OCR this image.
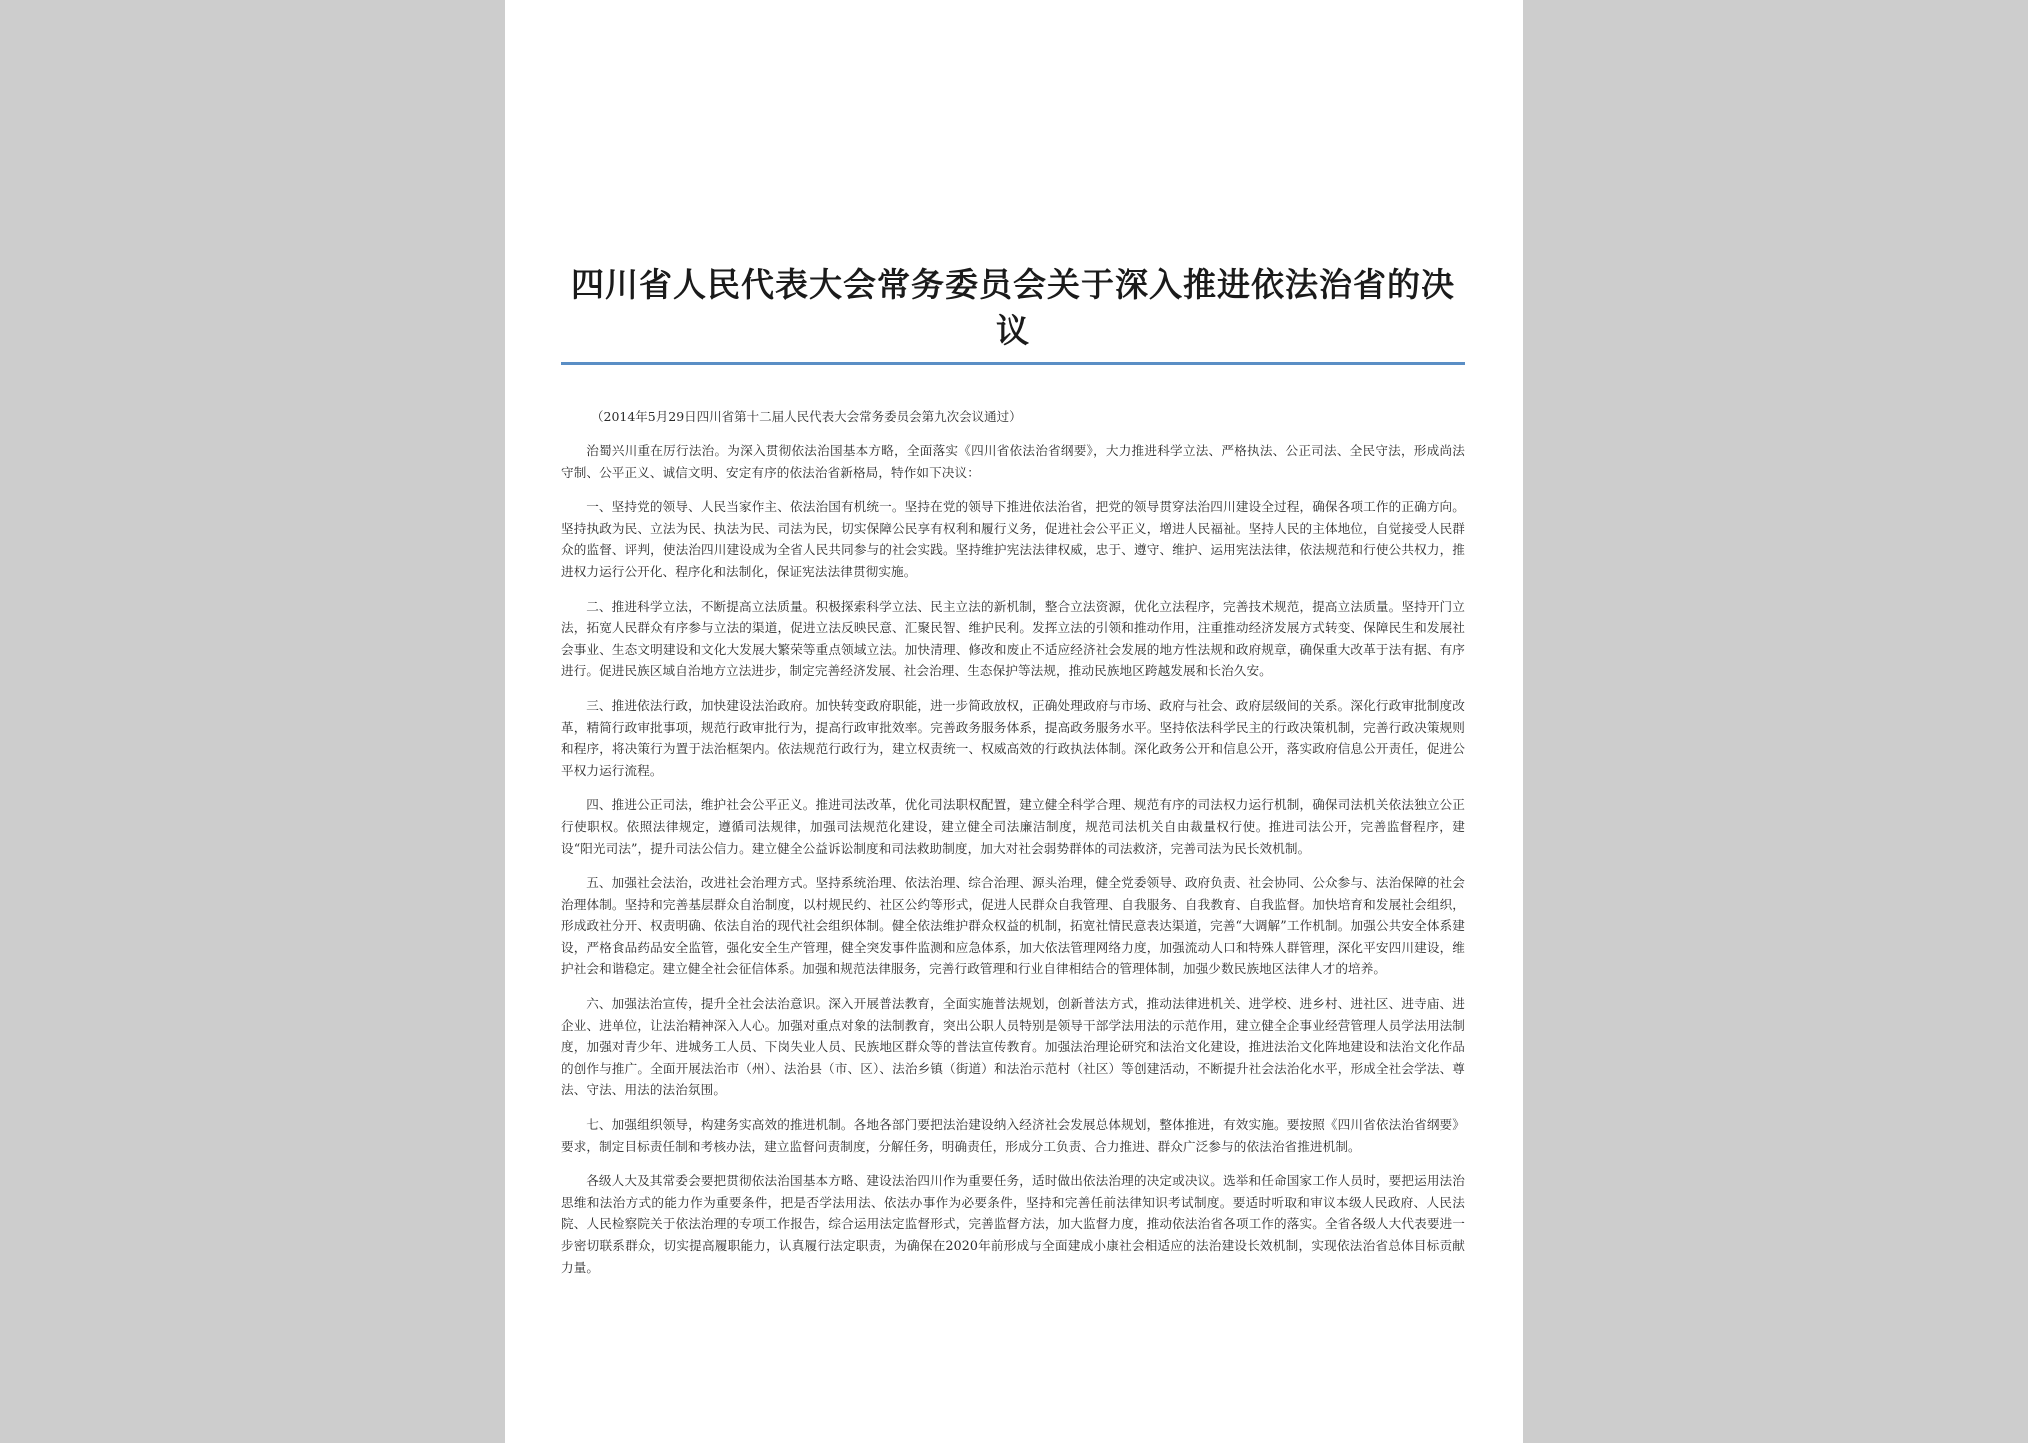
四川省人民代表大会常务委员会关于深入推进依法治省的决议

（2014年5月29日四川省第十二届人民代表大会常务委员会第九次会议通过）

治蜀兴川重在厉行法治。为深入贯彻依法治国基本方略，全面落实《四川省依法治省纲要》，大力推进科学立法、严格执法、公正司法、全民守法，形成尚法守制、公平正义、诚信文明、安定有序的依法治省新格局，特作如下决议：

一、坚持党的领导、人民当家作主、依法治国有机统一。坚持在党的领导下推进依法治省，把党的领导贯穿法治四川建设全过程，确保各项工作的正确方向。坚持执政为民、立法为民、执法为民、司法为民，切实保障公民享有权利和履行义务，促进社会公平正义，增进人民福祉。坚持人民的主体地位，自觉接受人民群众的监督、评判，使法治四川建设成为全省人民共同参与的社会实践。坚持维护宪法法律权威，忠于、遵守、维护、运用宪法法律，依法规范和行使公共权力，推进权力运行公开化、程序化和法制化，保证宪法法律贯彻实施。

二、推进科学立法，不断提高立法质量。积极探索科学立法、民主立法的新机制，整合立法资源，优化立法程序，完善技术规范，提高立法质量。坚持开门立法，拓宽人民群众有序参与立法的渠道，促进立法反映民意、汇聚民智、维护民利。发挥立法的引领和推动作用，注重推动经济发展方式转变、保障民生和发展社会事业、生态文明建设和文化大发展大繁荣等重点领域立法。加快清理、修改和废止不适应经济社会发展的地方性法规和政府规章，确保重大改革于法有据、有序进行。促进民族区域自治地方立法进步，制定完善经济发展、社会治理、生态保护等法规，推动民族地区跨越发展和长治久安。

三、推进依法行政，加快建设法治政府。加快转变政府职能，进一步简政放权，正确处理政府与市场、政府与社会、政府层级间的关系。深化行政审批制度改革，精简行政审批事项，规范行政审批行为，提高行政审批效率。完善政务服务体系，提高政务服务水平。坚持依法科学民主的行政决策机制，完善行政决策规则和程序，将决策行为置于法治框架内。依法规范行政行为，建立权责统一、权威高效的行政执法体制。深化政务公开和信息公开，落实政府信息公开责任，促进公平权力运行流程。

四、推进公正司法，维护社会公平正义。推进司法改革，优化司法职权配置，建立健全科学合理、规范有序的司法权力运行机制，确保司法机关依法独立公正行使职权。依照法律规定，遵循司法规律，加强司法规范化建设，建立健全司法廉洁制度，规范司法机关自由裁量权行使。推进司法公开，完善监督程序，建设“阳光司法”，提升司法公信力。建立健全公益诉讼制度和司法救助制度，加大对社会弱势群体的司法救济，完善司法为民长效机制。

五、加强社会法治，改进社会治理方式。坚持系统治理、依法治理、综合治理、源头治理，健全党委领导、政府负责、社会协同、公众参与、法治保障的社会治理体制。坚持和完善基层群众自治制度，以村规民约、社区公约等形式，促进人民群众自我管理、自我服务、自我教育、自我监督。加快培育和发展社会组织，形成政社分开、权责明确、依法自治的现代社会组织体制。健全依法维护群众权益的机制，拓宽社情民意表达渠道，完善“大调解”工作机制。加强公共安全体系建设，严格食品药品安全监管，强化安全生产管理，健全突发事件监测和应急体系，加大依法管理网络力度，加强流动人口和特殊人群管理，深化平安四川建设，维护社会和谐稳定。建立健全社会征信体系。加强和规范法律服务，完善行政管理和行业自律相结合的管理体制，加强少数民族地区法律人才的培养。

六、加强法治宣传，提升全社会法治意识。深入开展普法教育，全面实施普法规划，创新普法方式，推动法律进机关、进学校、进乡村、进社区、进寺庙、进企业、进单位，让法治精神深入人心。加强对重点对象的法制教育，突出公职人员特别是领导干部学法用法的示范作用，建立健全企事业经营管理人员学法用法制度，加强对青少年、进城务工人员、下岗失业人员、民族地区群众等的普法宣传教育。加强法治理论研究和法治文化建设，推进法治文化阵地建设和法治文化作品的创作与推广。全面开展法治市（州）、法治县（市、区）、法治乡镇（街道）和法治示范村（社区）等创建活动，不断提升社会法治化水平，形成全社会学法、尊法、守法、用法的法治氛围。

七、加强组织领导，构建务实高效的推进机制。各地各部门要把法治建设纳入经济社会发展总体规划，整体推进，有效实施。要按照《四川省依法治省纲要》要求，制定目标责任制和考核办法，建立监督问责制度，分解任务，明确责任，形成分工负责、合力推进、群众广泛参与的依法治省推进机制。

各级人大及其常委会要把贯彻依法治国基本方略、建设法治四川作为重要任务，适时做出依法治理的决定或决议。选举和任命国家工作人员时，要把运用法治思维和法治方式的能力作为重要条件，把是否学法用法、依法办事作为必要条件，坚持和完善任前法律知识考试制度。要适时听取和审议本级人民政府、人民法院、人民检察院关于依法治理的专项工作报告，综合运用法定监督形式，完善监督方法，加大监督力度，推动依法治省各项工作的落实。全省各级人大代表要进一步密切联系群众，切实提高履职能力，认真履行法定职责，为确保在2020年前形成与全面建成小康社会相适应的法治建设长效机制，实现依法治省总体目标贡献力量。
